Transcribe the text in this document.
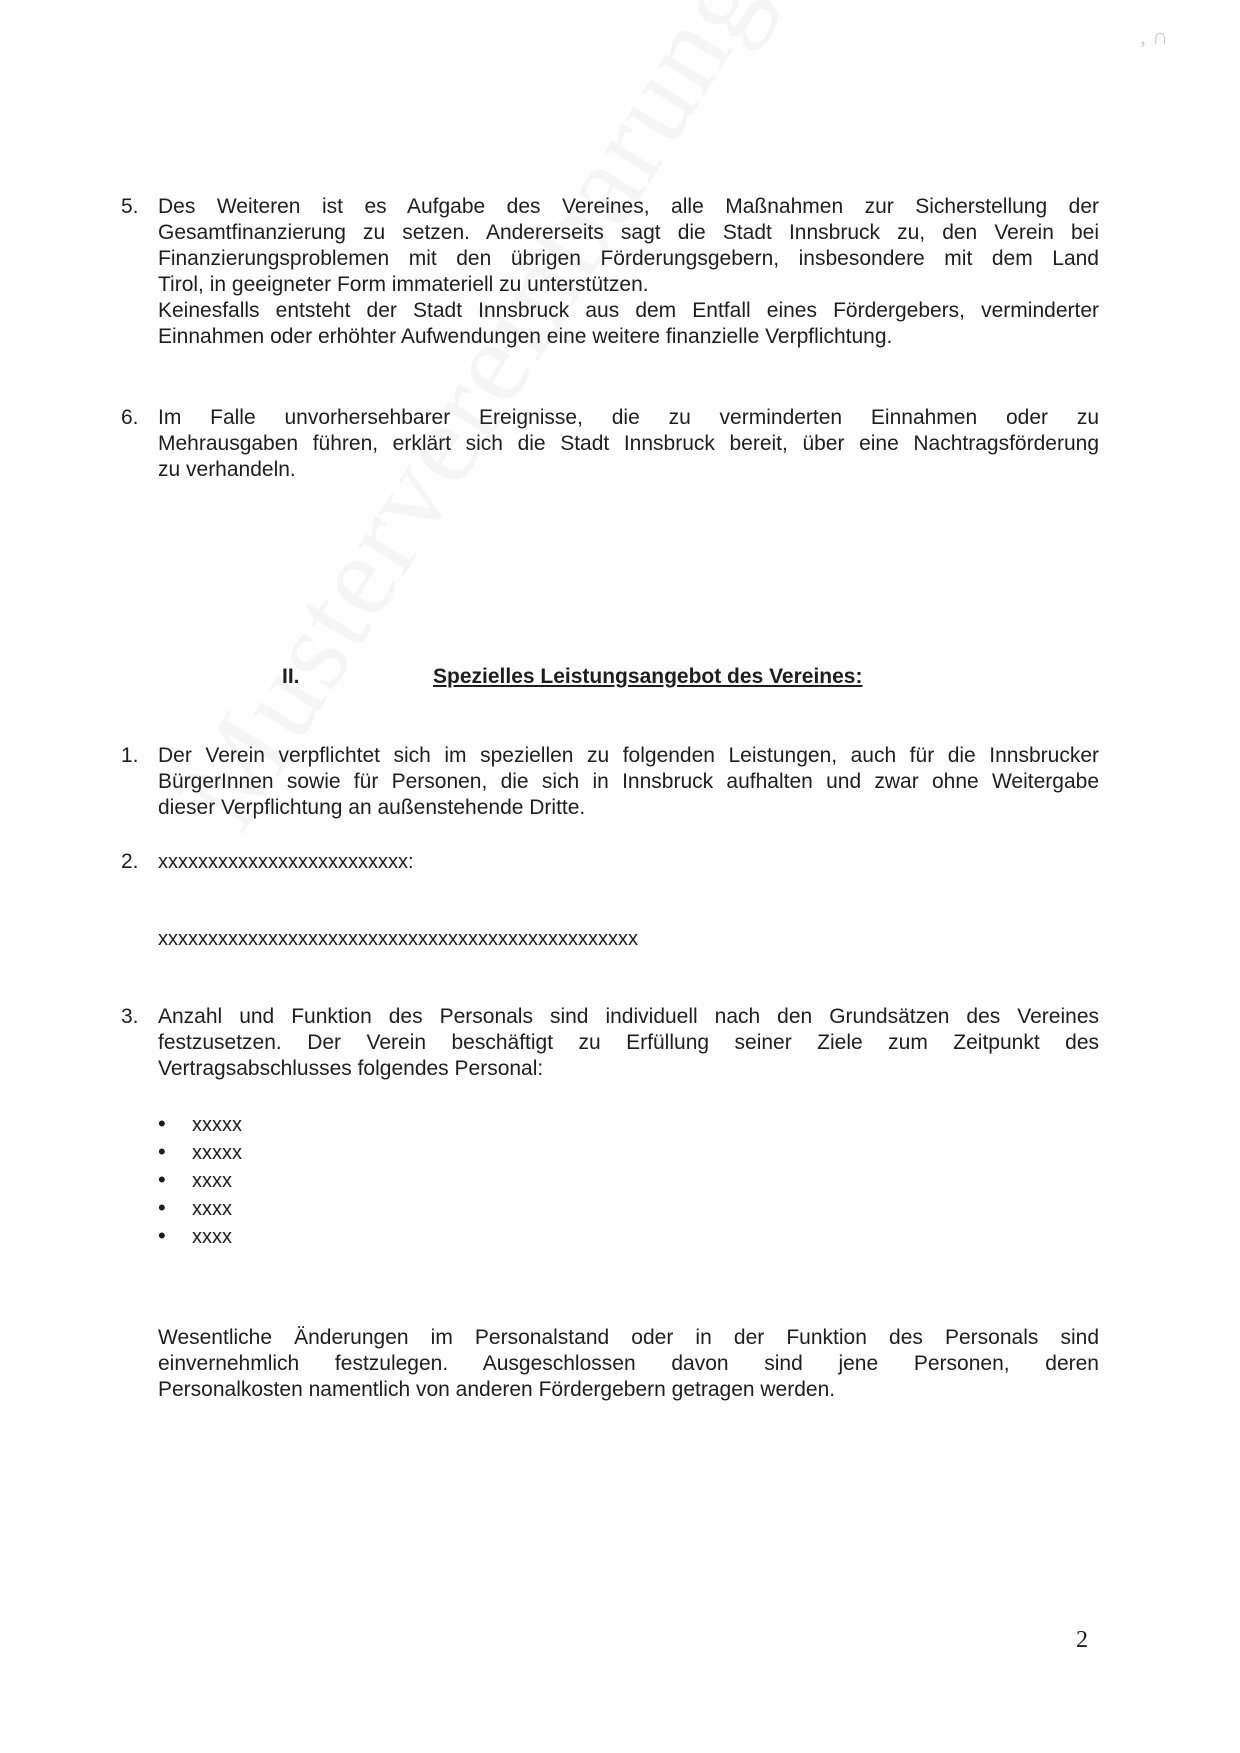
‚ ∩
5. Des Weiteren ist es Aufgabe des Vereines, alle Maßnahmen zur Sicherstellung der
Gesamtfinanzierung zu setzen. Andererseits sagt die Stadt Innsbruck zu, den Verein bei
Finanzierungsproblemen mit den übrigen Förderungsgebern, insbesondere mit dem Land
Tirol, in geeigneter Form immateriell zu unterstützen.
Keinesfalls entsteht der Stadt Innsbruck aus dem Entfall eines Fördergebers, verminderter
Einnahmen oder erhöhter Aufwendungen eine weitere finanzielle Verpflichtung.
6. Im Falle unvorhersehbarer Ereignisse, die zu verminderten Einnahmen oder zu
Mehrausgaben führen, erklärt sich die Stadt Innsbruck bereit, über eine Nachtragsförderung
zu verhandeln.
II.	Spezielles Leistungsangebot des Vereines:
1. Der Verein verpflichtet sich im speziellen zu folgenden Leistungen, auch für die Innsbrucker
BürgerInnen sowie für Personen, die sich in Innsbruck aufhalten und zwar ohne Weitergabe
dieser Verpflichtung an außenstehende Dritte.
2. xxxxxxxxxxxxxxxxxxxxxxxxx:
xxxxxxxxxxxxxxxxxxxxxxxxxxxxxxxxxxxxxxxxxxxxxxxx
3. Anzahl und Funktion des Personals sind individuell nach den Grundsätzen des Vereines
festzusetzen. Der Verein beschäftigt zu Erfüllung seiner Ziele zum Zeitpunkt des
Vertragsabschlusses folgendes Personal:
• xxxxx
• xxxxx
• xxxx
• xxxx
• xxxx
Wesentliche Änderungen im Personalstand oder in der Funktion des Personals sind
einvernehmlich festzulegen. Ausgeschlossen davon sind jene Personen, deren
Personalkosten namentlich von anderen Fördergebern getragen werden.
2
